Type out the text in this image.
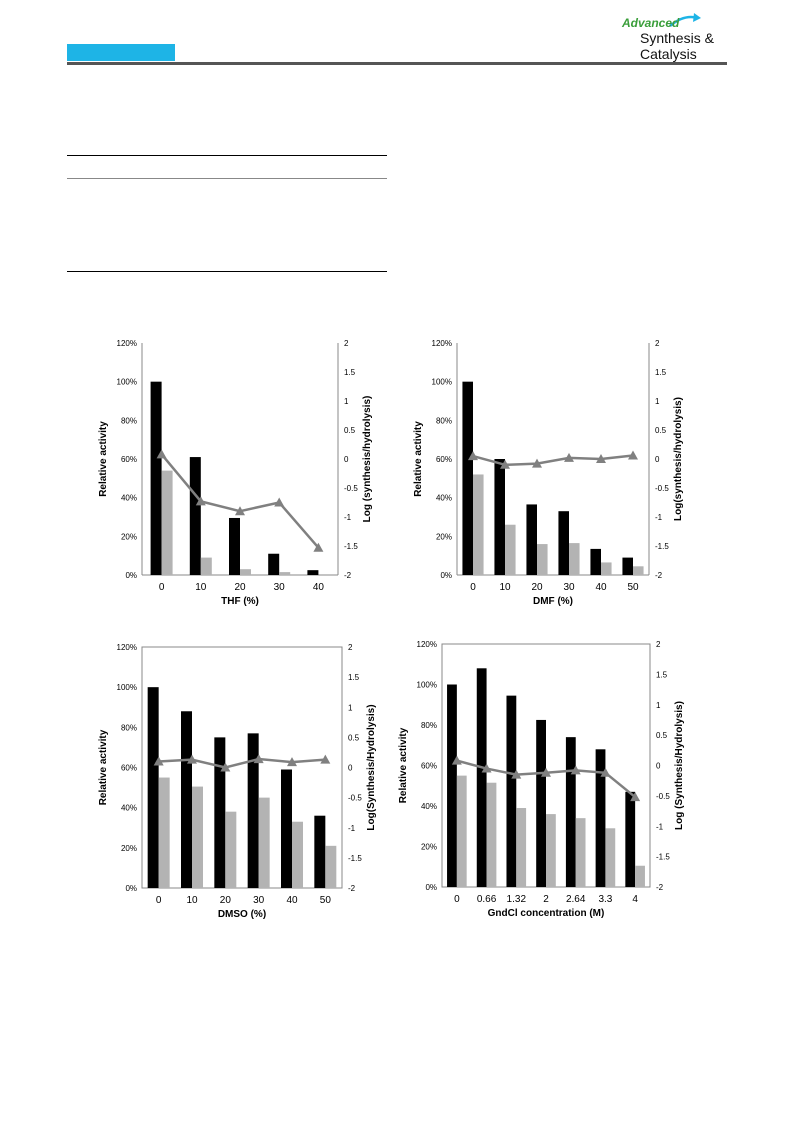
Advanced
Synthesis &
Catalysis
0%
20%
40%
60%
80%
100%
120%
-2
-1.5
-1
-0.5
0
0.5
1
1.5
2
0	10	20	30	40
THF (%)
Relative activity	Log (synthesis/hydrolysis)
0%
20%
40%
60%
80%
100%
120%
-2
-1.5
-1
-0.5
0
0.5
1
1.5
2
0 10 20 30 40 50
DMF (%)
Relative activity	Log(synthesis/hydrolysis)
0%
20%
40%
60%
80%
100%
120%
-2
-1.5
-1
-0.5
0
0.5
1
1.5
2
0 10 20 30 40 50
DMSO (%)
Relative activity	Log(Synthesis/Hydrolysis)
0%
20%
40%
60%
80%
100%
120%
-2
-1.5
-1
-0.5
0
0.5
1
1.5
2
0 0.66 1.32 2 2.64 3.3 4
GndCl concentration (M)
Relative activity	Log (Synthesis/Hydrolysis)
